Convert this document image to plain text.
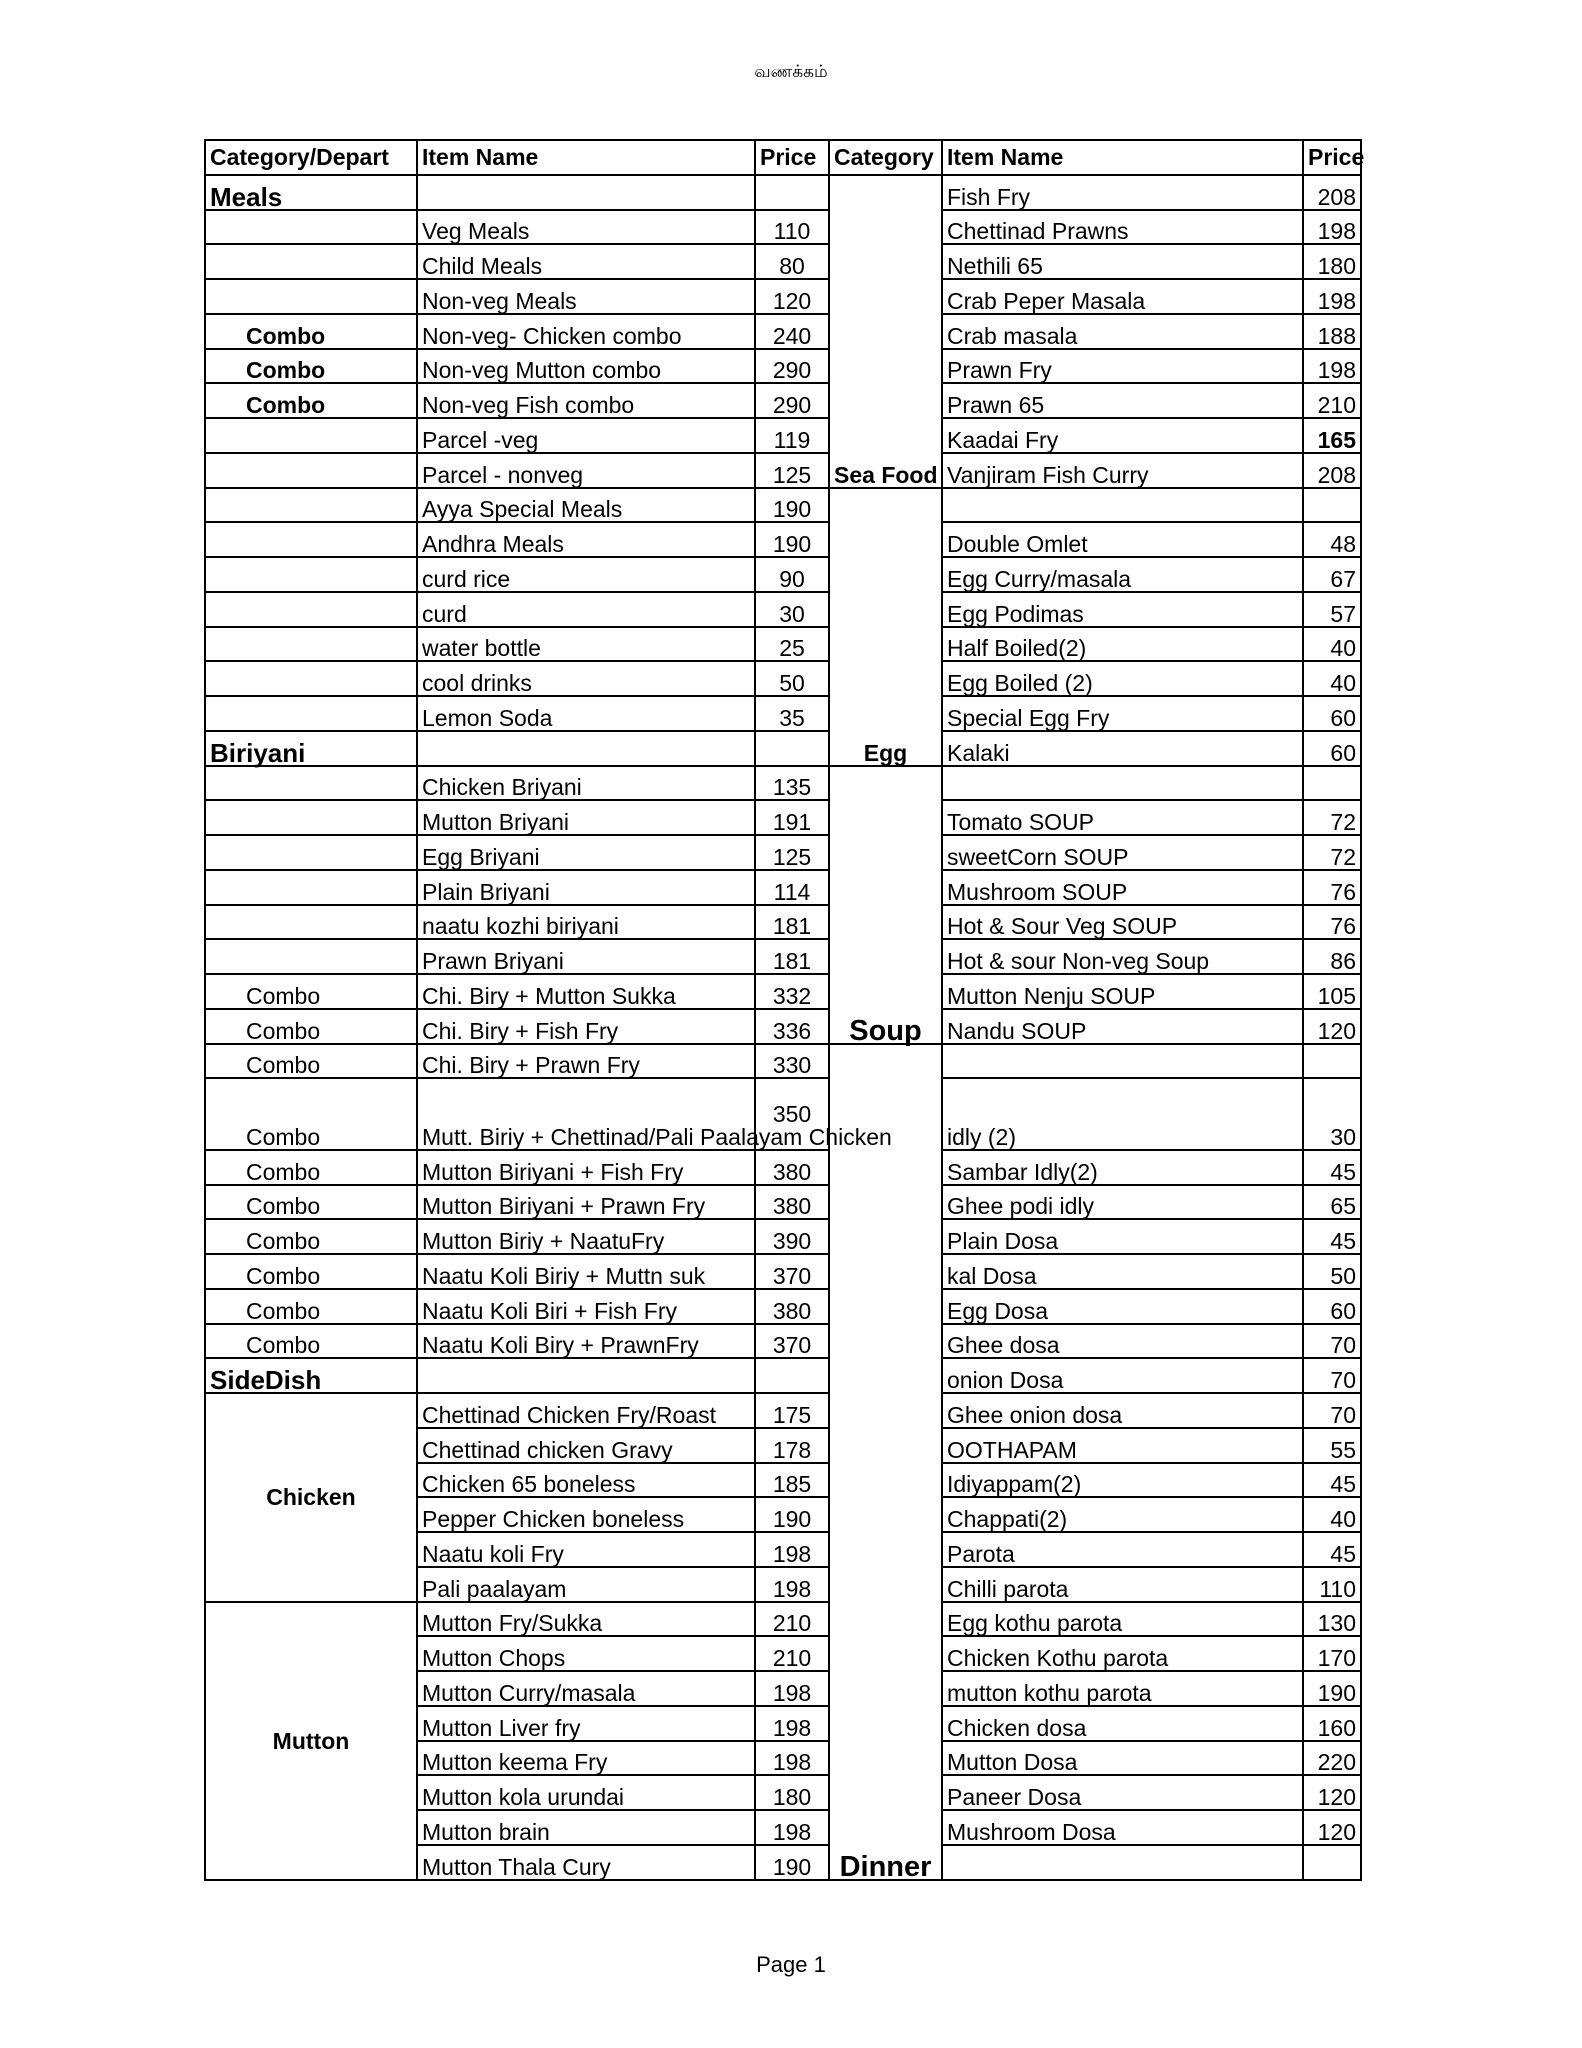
வணக்கம்
Category/Depart	Item Name	Price	Category	Item Name	Price
Meals			Sea Food	Fish Fry	208
	Veg Meals	110		Chettinad Prawns	198
	Child Meals	80		Nethili 65	180
	Non-veg Meals	120		Crab Peper Masala	198
Combo	Non-veg- Chicken combo	240		Crab masala	188
Combo	Non-veg Mutton combo	290		Prawn Fry	198
Combo	Non-veg Fish combo	290		Prawn 65	210
	Parcel -veg	119		Kaadai Fry	165
	Parcel - nonveg	125		Vanjiram Fish Curry	208
	Ayya Special Meals	190	Egg		
	Andhra Meals	190		Double Omlet	48
	curd rice	90		Egg Curry/masala	67
	curd	30		Egg Podimas	57
	water bottle	25		Half Boiled(2)	40
	cool drinks	50		Egg Boiled (2)	40
	Lemon Soda	35		Special Egg Fry	60
Biriyani				Kalaki	60
	Chicken Briyani	135	Soup		
	Mutton Briyani	191		Tomato SOUP	72
	Egg Briyani	125		sweetCorn SOUP	72
	Plain Briyani	114		Mushroom SOUP	76
	naatu kozhi biriyani	181		Hot & Sour Veg SOUP	76
	Prawn Briyani	181		Hot & sour Non-veg Soup	86
Combo	Chi. Biry + Mutton Sukka	332		Mutton Nenju SOUP	105
Combo	Chi. Biry + Fish Fry	336		Nandu SOUP	120
Combo	Chi. Biry + Prawn Fry	330	Dinner		
Combo	Mutt. Biriy + Chettinad/Pali Paalayam Chicken	350		idly (2)	30
Combo	Mutton Biriyani + Fish Fry	380		Sambar Idly(2)	45
Combo	Mutton Biriyani + Prawn Fry	380		Ghee podi idly	65
Combo	Mutton Biriy + NaatuFry	390		Plain Dosa	45
Combo	Naatu Koli Biriy + Muttn suk	370		kal Dosa	50
Combo	Naatu Koli Biri + Fish Fry	380		Egg Dosa	60
Combo	Naatu Koli Biry + PrawnFry	370		Ghee dosa	70
SideDish				onion Dosa	70
Chicken	Chettinad Chicken Fry/Roast	175		Ghee onion dosa	70
	Chettinad chicken Gravy	178		OOTHAPAM	55
	Chicken 65 boneless	185		Idiyappam(2)	45
	Pepper Chicken boneless	190		Chappati(2)	40
	Naatu koli Fry	198		Parota	45
	Pali paalayam	198		Chilli parota	110
Mutton	Mutton Fry/Sukka	210		Egg kothu parota	130
	Mutton Chops	210		Chicken Kothu parota	170
	Mutton Curry/masala	198		mutton kothu parota	190
	Mutton Liver fry	198		Chicken dosa	160
	Mutton keema Fry	198		Mutton Dosa	220
	Mutton kola urundai	180		Paneer Dosa	120
	Mutton brain	198		Mushroom Dosa	120
	Mutton Thala Cury	190			
Page 1
